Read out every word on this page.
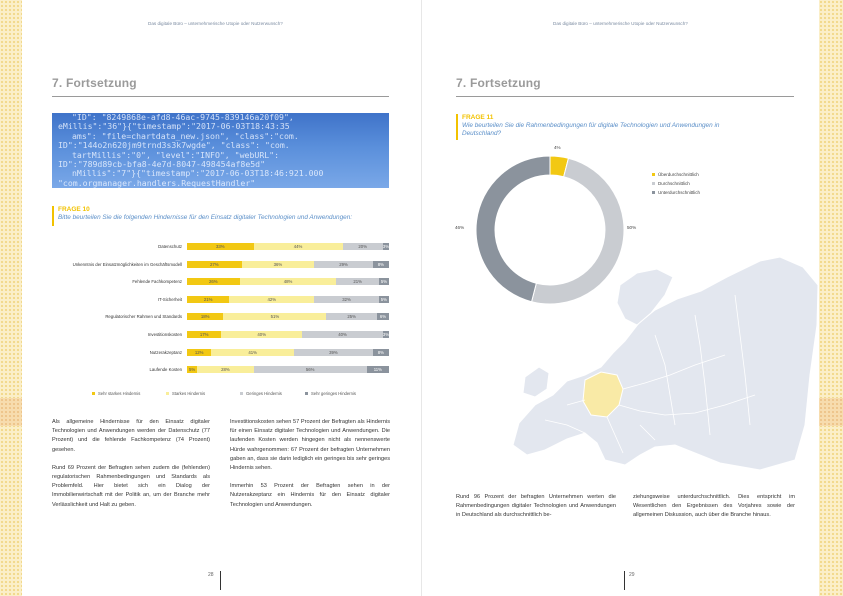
Das digitale Büro – unternehmerische Utopie oder Nutzerwunsch?
7. Fortsetzung
"ID": "8249868e-afd8-46ac-9745-839146a20f09",
eMillis":"36"}{"timestamp":"2017-06-03T18:43:35
ams": "file=chartdata_new.json", "class":"com.
ID":"144o2n620jm9trnd3s3k7wgde", "class": "com.
tartMillis":"0", "level":"INFO", "webURL":
ID":"789d89cb-bfa8-4e7d-8047-498454af8e5d"
nMillis":"7"}{"timestamp":"2017-06-03T18:46:921.000
"com.orgmanager.handlers.RequestHandler"
FRAGE 10
Bitte beurteilen Sie die folgenden Hindernisse für den Einsatz digitaler Technologien und Anwendungen:
Datenschutz	33%	44%	20%	3%
Unkenntnis der Einsatzmöglichkeiten im Geschäftsmodell	27%	36%	29%	8%
Fehlende Fachkompetenz	26%	48%	21%	5%
IT-Sicherheit	21%	42%	32%	5%
Regulatorischer Rahmen und Standards	18%	51%	25%	6%
Investitionskosten	17%	40%	40%	3%
Nutzerakzeptanz	12%	41%	39%	8%
Laufende Kosten	5%	28%	56%	11%
Sehr starkes Hindernis	Starkes Hindernis	Geringes Hindernis	Sehr geringes Hindernis

Als allgemeine Hindernisse für den Einsatz digitaler Technologien und Anwendungen werden der Datenschutz (77 Prozent) und die fehlende Fachkompetenz (74 Prozent) gesehen.

Rund 69 Prozent der Befragten sehen zudem die (fehlenden) regulatorischen Rahmenbedingungen und Standards als Problemfeld. Hier bietet sich ein Dialog der Immobilienwirtschaft mit der Politik an, um der Branche mehr Verlässlichkeit und Halt zu geben.

Investitionskosten sehen 57 Prozent der Befragten als Hindernis für einen Einsatz digitaler Technologien und Anwendungen. Die laufenden Kosten werden hingegen nicht als nennenswerte Hürde wahrgenommen: 67 Prozent der befragten Unternehmen gaben an, dass sie darin lediglich ein geringes bis sehr geringes Hindernis sehen.

Immerhin 53 Prozent der Befragten sehen in der Nutzerakzeptanz ein Hindernis für den Einsatz digitaler Technologien und Anwendungen.

28
Das digitale Büro – unternehmerische Utopie oder Nutzerwunsch?
7. Fortsetzung
FRAGE 11
Wie beurteilen Sie die Rahmenbedingungen für digitale Technologien und Anwendungen in Deutschland?
4%
50%
46%
Überdurchschnittlich
Durchschnittlich
Unterdurchschnittlich

Rund 96 Prozent der befragten Unternehmen werten die Rahmenbedingungen digitaler Technologien und Anwendungen in Deutschland als durchschnittlich be-

ziehungsweise unterdurchschnittlich. Dies entspricht im Wesentlichen den Ergebnissen des Vorjahres sowie der allgemeinen Diskussion, auch über die Branche hinaus.

29
